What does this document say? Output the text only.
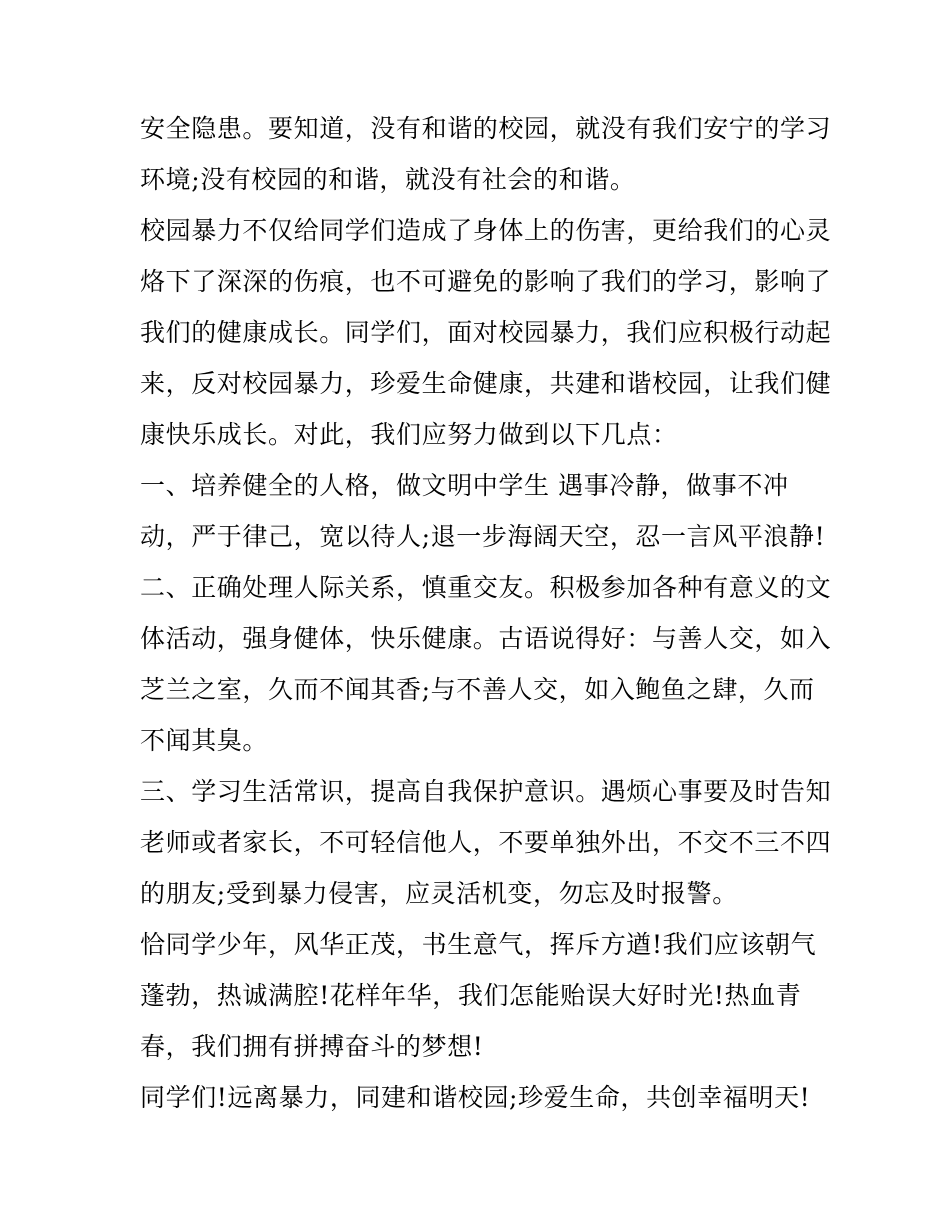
安全隐患。要知道，没有和谐的校园，就没有我们安宁的学习
环境;没有校园的和谐，就没有社会的和谐。
校园暴力不仅给同学们造成了身体上的伤害，更给我们的心灵
烙下了深深的伤痕，也不可避免的影响了我们的学习，影响了
我们的健康成长。同学们，面对校园暴力，我们应积极行动起
来，反对校园暴力，珍爱生命健康，共建和谐校园，让我们健
康快乐成长。对此，我们应努力做到以下几点：
一、培养健全的人格，做文明中学生 遇事冷静，做事不冲
动，严于律己，宽以待人;退一步海阔天空，忍一言风平浪静!
二、正确处理人际关系，慎重交友。积极参加各种有意义的文
体活动，强身健体，快乐健康。古语说得好：与善人交，如入
芝兰之室，久而不闻其香;与不善人交，如入鲍鱼之肆，久而
不闻其臭。
三、学习生活常识，提高自我保护意识。遇烦心事要及时告知
老师或者家长，不可轻信他人，不要单独外出，不交不三不四
的朋友;受到暴力侵害，应灵活机变，勿忘及时报警。
恰同学少年，风华正茂，书生意气，挥斥方遒!我们应该朝气
蓬勃，热诚满腔!花样年华，我们怎能贻误大好时光!热血青
春，我们拥有拼搏奋斗的梦想!
同学们!远离暴力，同建和谐校园;珍爱生命，共创幸福明天!
